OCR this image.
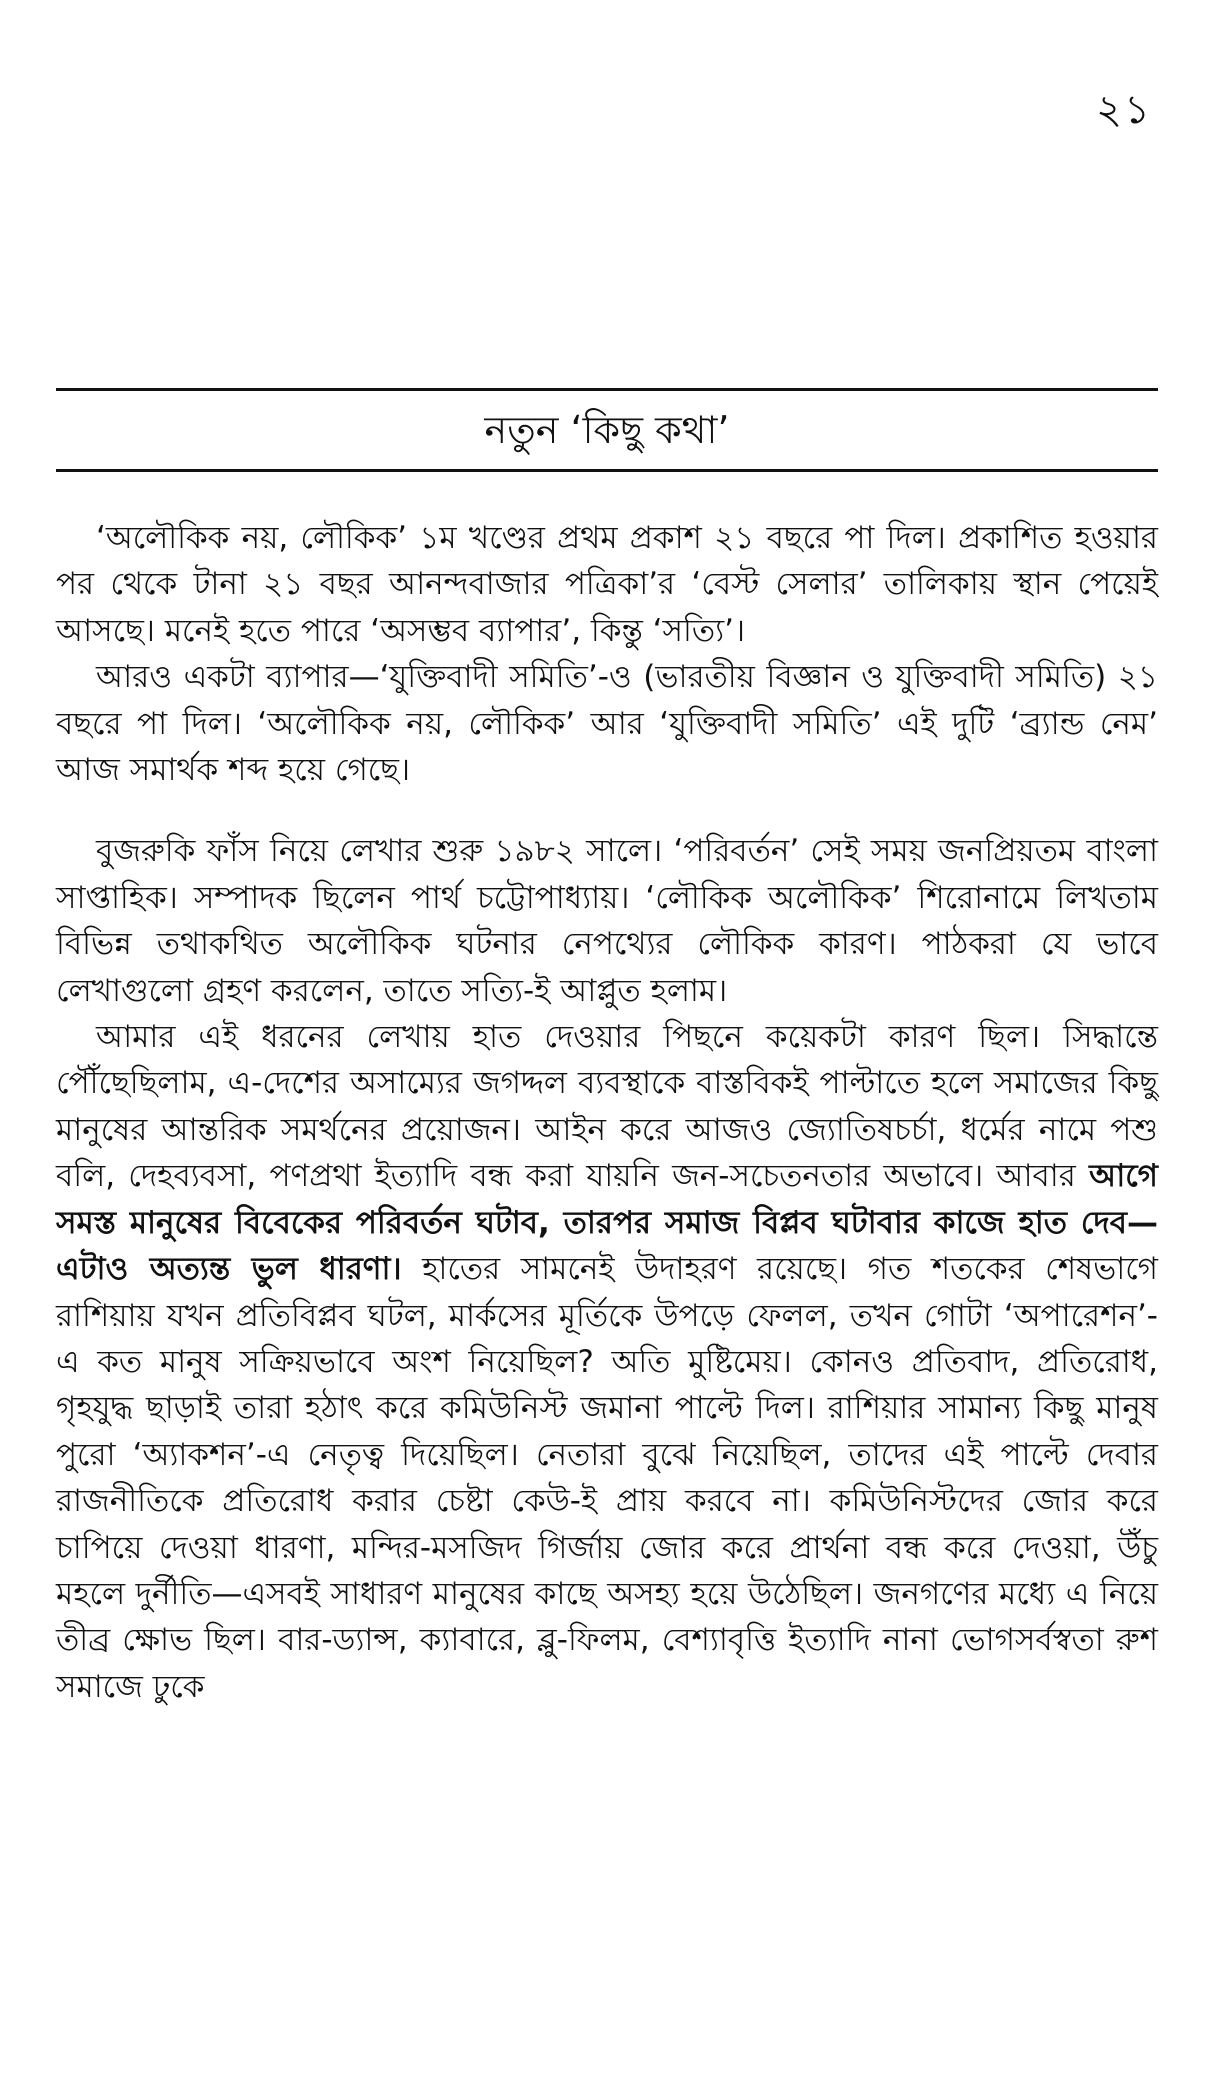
২১
নতুন ‘কিছু কথা’

‘অলৌকিক নয়, লৌকিক’ ১ম খণ্ডের প্রথম প্রকাশ ২১ বছরে পা দিল। প্রকাশিত হওয়ার পর থেকে টানা ২১ বছর আনন্দবাজার পত্রিকা’র ‘বেস্ট সেলার’ তালিকায় স্থান পেয়েই আসছে। মনেই হতে পারে ‘অসম্ভব ব্যাপার’, কিন্তু ‘সত্যি’।

আরও একটা ব্যাপার—‘যুক্তিবাদী সমিতি’-ও (ভারতীয় বিজ্ঞান ও যুক্তিবাদী সমিতি) ২১ বছরে পা দিল। ‘অলৌকিক নয়, লৌকিক’ আর ‘যুক্তিবাদী সমিতি’ এই দুটি ‘ব্র্যান্ড নেম’ আজ সমার্থক শব্দ হয়ে গেছে।

বুজরুকি ফাঁস নিয়ে লেখার শুরু ১৯৮২ সালে। ‘পরিবর্তন’ সেই সময় জনপ্রিয়তম বাংলা সাপ্তাহিক। সম্পাদক ছিলেন পার্থ চট্টোপাধ্যায়। ‘লৌকিক অলৌকিক’ শিরোনামে লিখতাম বিভিন্ন তথাকথিত অলৌকিক ঘটনার নেপথ্যের লৌকিক কারণ। পাঠকরা যে ভাবে লেখাগুলো গ্রহণ করলেন, তাতে সত্যি-ই আপ্লুত হলাম।

আমার এই ধরনের লেখায় হাত দেওয়ার পিছনে কয়েকটা কারণ ছিল। সিদ্ধান্তে পৌঁছেছিলাম, এ-দেশের অসাম্যের জগদ্দল ব্যবস্থাকে বাস্তবিকই পাল্টাতে হলে সমাজের কিছু মানুষের আন্তরিক সমর্থনের প্রয়োজন। আইন করে আজও জ্যোতিষচর্চা, ধর্মের নামে পশু বলি, দেহব্যবসা, পণপ্রথা ইত্যাদি বন্ধ করা যায়নি জন-সচেতনতার অভাবে। আবার আগে সমস্ত মানুষের বিবেকের পরিবর্তন ঘটাব, তারপর সমাজ বিপ্লব ঘটাবার কাজে হাত দেব—এটাও অত্যন্ত ভুল ধারণা। হাতের সামনেই উদাহরণ রয়েছে। গত শতকের শেষভাগে রাশিয়ায় যখন প্রতিবিপ্লব ঘটল, মার্কসের মূর্তিকে উপড়ে ফেলল, তখন গোটা ‘অপারেশন’-এ কত মানুষ সক্রিয়ভাবে অংশ নিয়েছিল? অতি মুষ্টিমেয়। কোনও প্রতিবাদ, প্রতিরোধ, গৃহযুদ্ধ ছাড়াই তারা হঠাৎ করে কমিউনিস্ট জমানা পাল্টে দিল। রাশিয়ার সামান্য কিছু মানুষ পুরো ‘অ্যাকশন’-এ নেতৃত্ব দিয়েছিল। নেতারা বুঝে নিয়েছিল, তাদের এই পাল্টে দেবার রাজনীতিকে প্রতিরোধ করার চেষ্টা কেউ-ই প্রায় করবে না। কমিউনিস্টদের জোর করে চাপিয়ে দেওয়া ধারণা, মন্দির-মসজিদ গির্জায় জোর করে প্রার্থনা বন্ধ করে দেওয়া, উঁচু মহলে দুর্নীতি—এসবই সাধারণ মানুষের কাছে অসহ্য হয়ে উঠেছিল। জনগণের মধ্যে এ নিয়ে তীব্র ক্ষোভ ছিল। বার-ড্যান্স, ক্যাবারে, ব্লু-ফিলম, বেশ্যাবৃত্তি ইত্যাদি নানা ভোগসর্বস্বতা রুশ সমাজে ঢুকে
